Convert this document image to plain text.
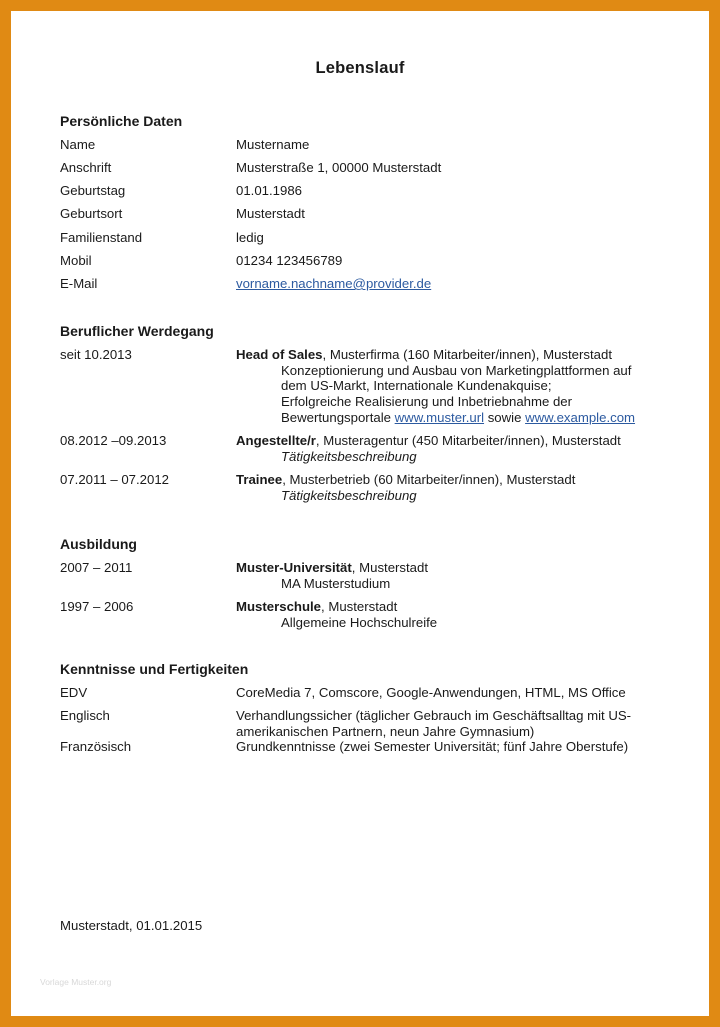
Lebenslauf
Persönliche Daten
Name	Mustername
Anschrift	Musterstraße 1, 00000 Musterstadt
Geburtstag	01.01.1986
Geburtsort	Musterstadt
Familienstand	ledig
Mobil	01234 123456789
E-Mail	vorname.nachname@provider.de
Beruflicher Werdegang
seit 10.2013	Head of Sales, Musterfirma (160 Mitarbeiter/innen), Musterstadt
Konzeptionierung und Ausbau von Marketingplattformen auf
dem US-Markt, Internationale Kundenakquise;
Erfolgreiche Realisierung und Inbetriebnahme der
Bewertungsportale www.muster.url sowie www.example.com
08.2012 –09.2013	Angestellte/r, Musteragentur (450 Mitarbeiter/innen), Musterstadt
Tätigkeitsbeschreibung
07.2011 – 07.2012	Trainee, Musterbetrieb (60 Mitarbeiter/innen), Musterstadt
Tätigkeitsbeschreibung
Ausbildung
2007 – 2011	Muster-Universität, Musterstadt
MA Musterstudium
1997 – 2006	Musterschule, Musterstadt
Allgemeine Hochschulreife
Kenntnisse und Fertigkeiten
EDV	CoreMedia 7, Comscore, Google-Anwendungen, HTML, MS Office
Englisch	Verhandlungssicher (täglicher Gebrauch im Geschäftsalltag mit US-
amerikanischen Partnern, neun Jahre Gymnasium)
Französisch	Grundkenntnisse (zwei Semester Universität; fünf Jahre Oberstufe)
Musterstadt, 01.01.2015
Vorlage Muster.org
